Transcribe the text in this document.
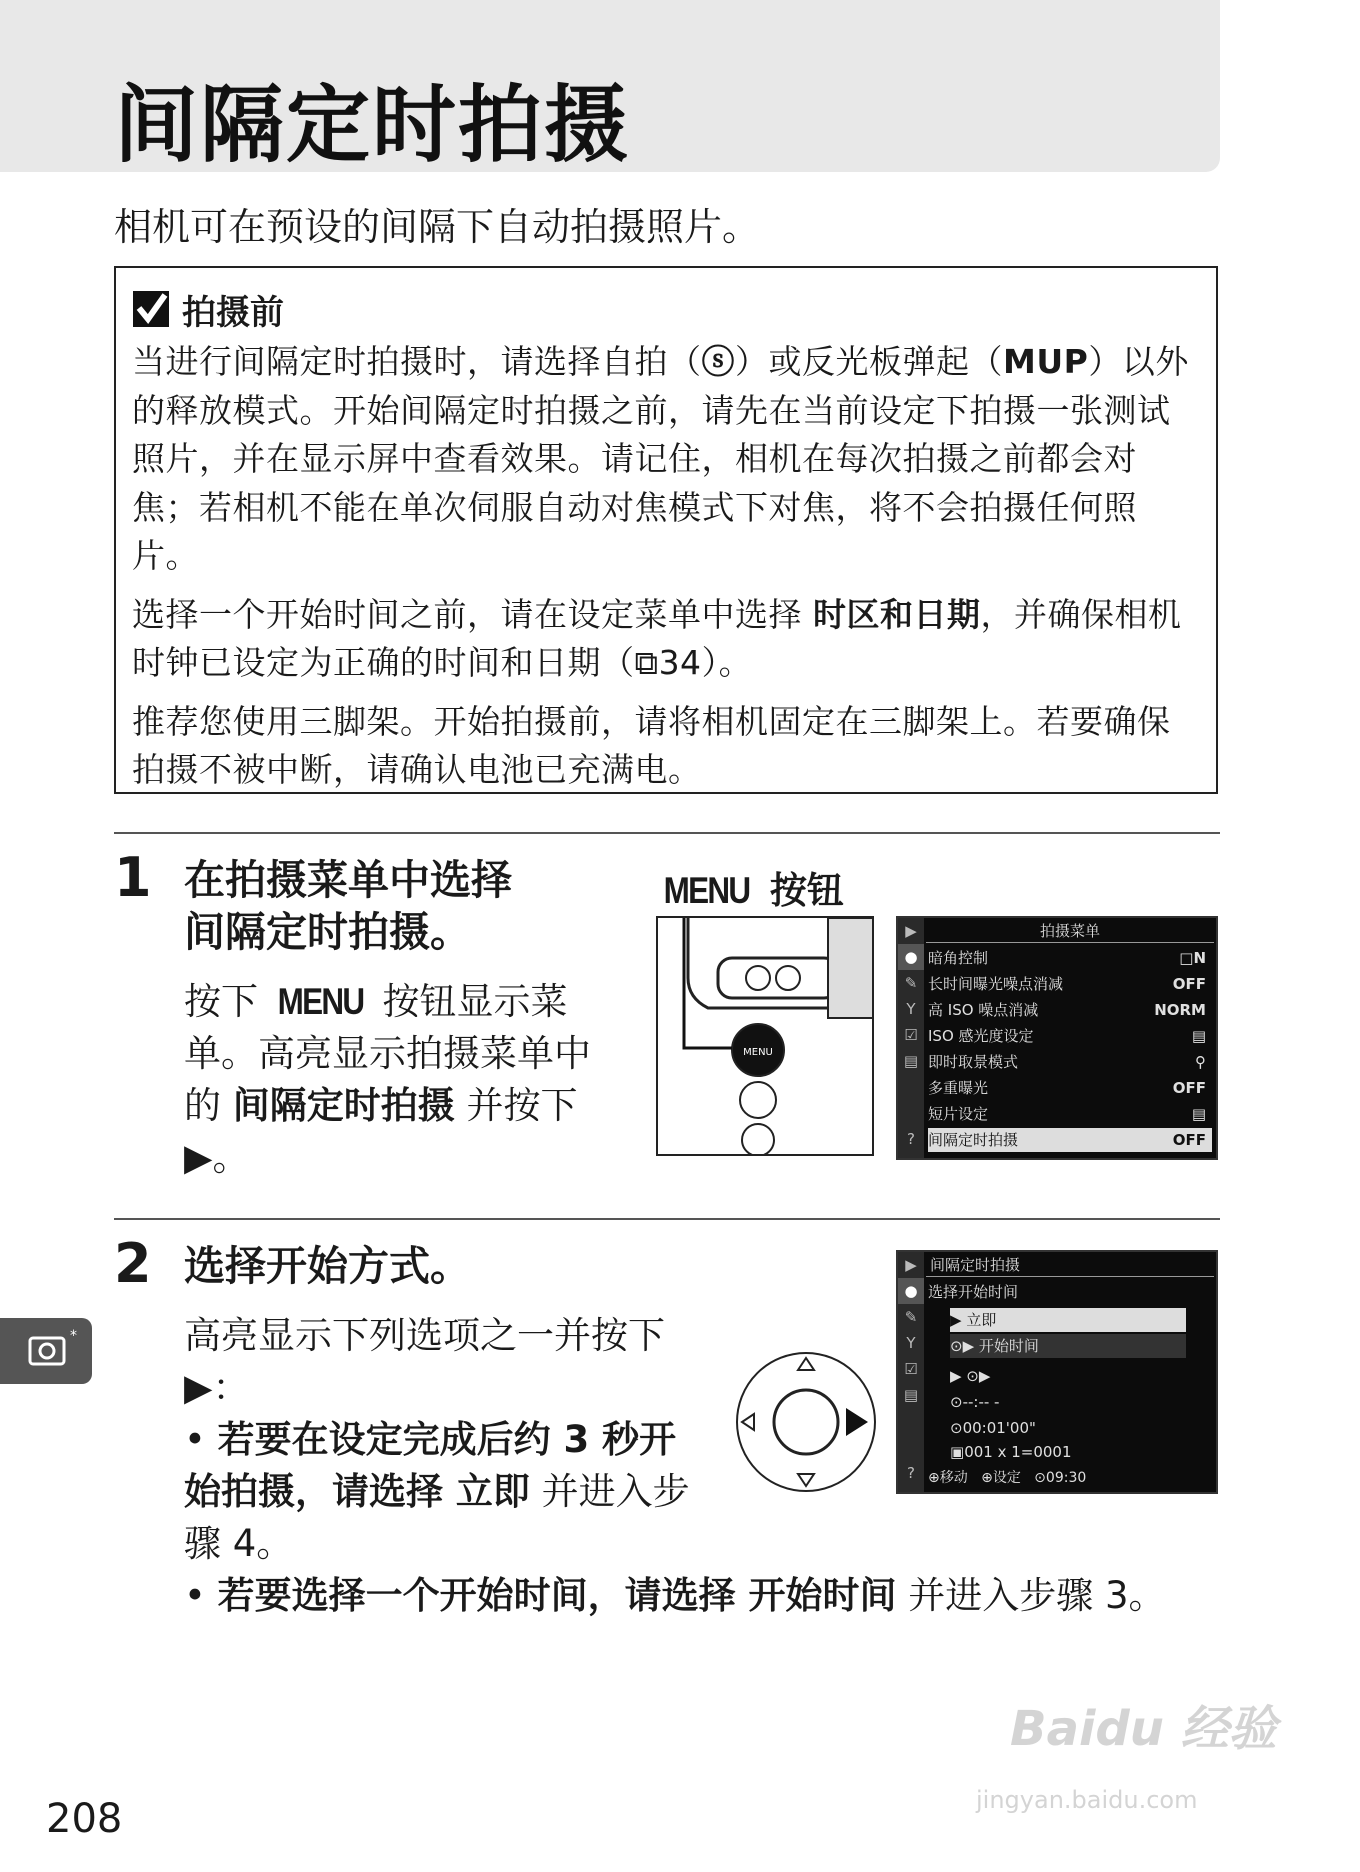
间隔定时拍摄
相机可在预设的间隔下自动拍摄照片。
拍摄前
当进行间隔定时拍摄时，请选择自拍（ⓢ）或反光板弹起（MUP）以外的释放模式。开始间隔定时拍摄之前，请先在当前设定下拍摄一张测试照片，并在显示屏中查看效果。请记住，相机在每次拍摄之前都会对焦；若相机不能在单次伺服自动对焦模式下对焦，将不会拍摄任何照片。
选择一个开始时间之前，请在设定菜单中选择 时区和日期，并确保相机时钟已设定为正确的时间和日期（⧉34）。
推荐您使用三脚架。开始拍摄前，请将相机固定在三脚架上。若要确保拍摄不被中断，请确认电池已充满电。
1 在拍摄菜单中选择
间隔定时拍摄。
按下 MENU 按钮显示菜单。高亮显示拍摄菜单中的 间隔定时拍摄 并按下
▶。
MENU 按钮
MENU
▶
●
✎
Y
☑
▤
?
拍摄菜单
暗角控制	□N
长时间曝光噪点消减	OFF
高 ISO 噪点消减	NORM
ISO 感光度设定	▤
即时取景模式	⚲
多重曝光	OFF
短片设定	▤
间隔定时拍摄	OFF
2 选择开始方式。
高亮显示下列选项之一并按下
▶：
• 若要在设定完成后约 3 秒开始拍摄，请选择 立即 并进入步骤 4。
• 若要选择一个开始时间，请选择 开始时间 并进入步骤 3。
▶
●
✎
Y
☑
▤
?
间隔定时拍摄
选择开始时间
▶ 立即
⊙▶ 开始时间
▶ ⊙▶
⊙--:-- -
⊙00:01'00"
▣001 x 1=0001
⊕移动   ⊕设定   ⊙09:30
*
208
Baidu 经验
jingyan.baidu.com
